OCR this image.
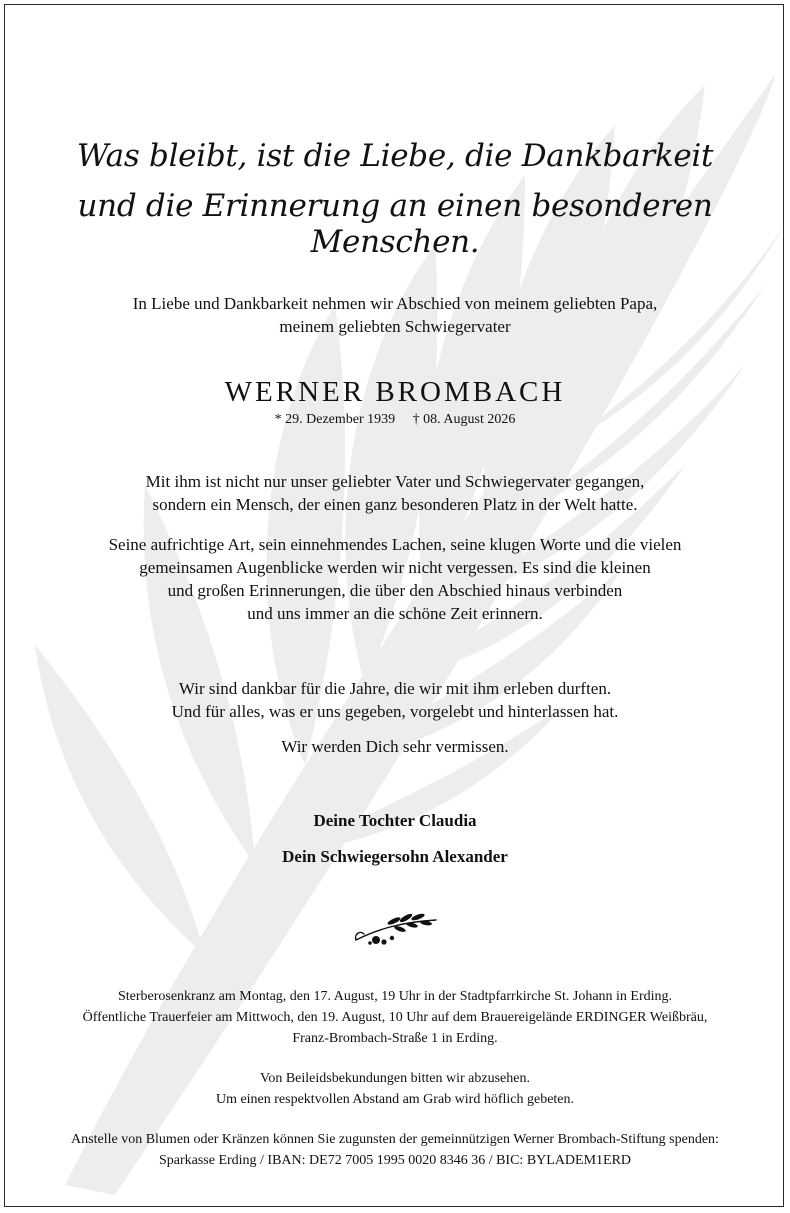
Was bleibt, ist die Liebe, die Dankbarkeit
und die Erinnerung an einen besonderen Menschen.
In Liebe und Dankbarkeit nehmen wir Abschied von meinem geliebten Papa,
meinem geliebten Schwiegervater
WERNER BROMBACH
* 29. Dezember 1939 † 08. August 2026
Mit ihm ist nicht nur unser geliebter Vater und Schwiegervater gegangen,
sondern ein Mensch, der einen ganz besonderen Platz in der Welt hatte.
Seine aufrichtige Art, sein einnehmendes Lachen, seine klugen Worte und die vielen
gemeinsamen Augenblicke werden wir nicht vergessen. Es sind die kleinen
und großen Erinnerungen, die über den Abschied hinaus verbinden
und uns immer an die schöne Zeit erinnern.
Wir sind dankbar für die Jahre, die wir mit ihm erleben durften.
Und für alles, was er uns gegeben, vorgelebt und hinterlassen hat.
Wir werden Dich sehr vermissen.
Deine Tochter Claudia
Dein Schwiegersohn Alexander
Sterberosenkranz am Montag, den 17. August, 19 Uhr in der Stadtpfarrkirche St. Johann in Erding.
Öffentliche Trauerfeier am Mittwoch, den 19. August, 10 Uhr auf dem Brauereigelände ERDINGER Weißbräu,
Franz-Brombach-Straße 1 in Erding.
Von Beileidsbekundungen bitten wir abzusehen.
Um einen respektvollen Abstand am Grab wird höflich gebeten.
Anstelle von Blumen oder Kränzen können Sie zugunsten der gemeinnützigen Werner Brombach-Stiftung spenden:
Sparkasse Erding / IBAN: DE72 7005 1995 0020 8346 36 / BIC: BYLADEM1ERD
